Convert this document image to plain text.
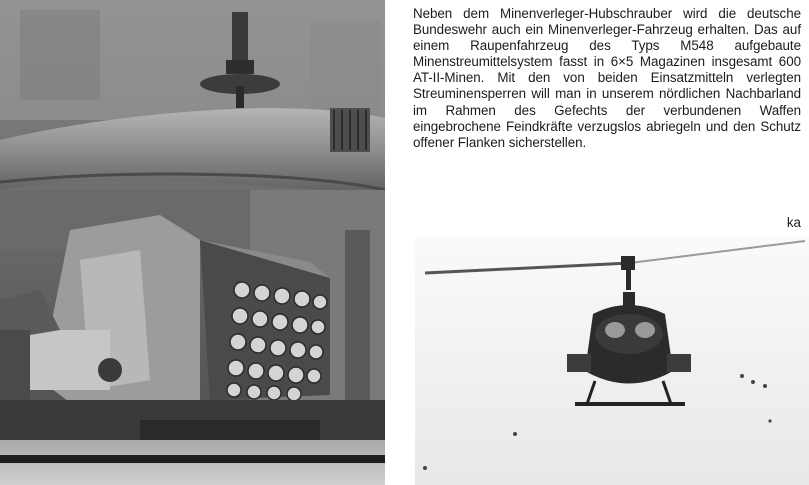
Neben dem Minenverleger-Hubschrauber wird die deutsche Bundeswehr auch ein Minenverleger-Fahrzeug erhalten. Das auf einem Raupenfahrzeug des Typs M548 aufgebaute Minenstreumittelsystem fasst in 6×5 Magazinen insgesamt 600 AT-II-Minen. Mit den von beiden Einsatzmitteln verlegten Streuminensperren will man in unserem nördlichen Nachbarland im Rahmen des Gefechts der verbundenen Waffen eingebrochene Feindkräfte verzugslos abriegeln und den Schutz offener Flanken sicherstellen.

ka
